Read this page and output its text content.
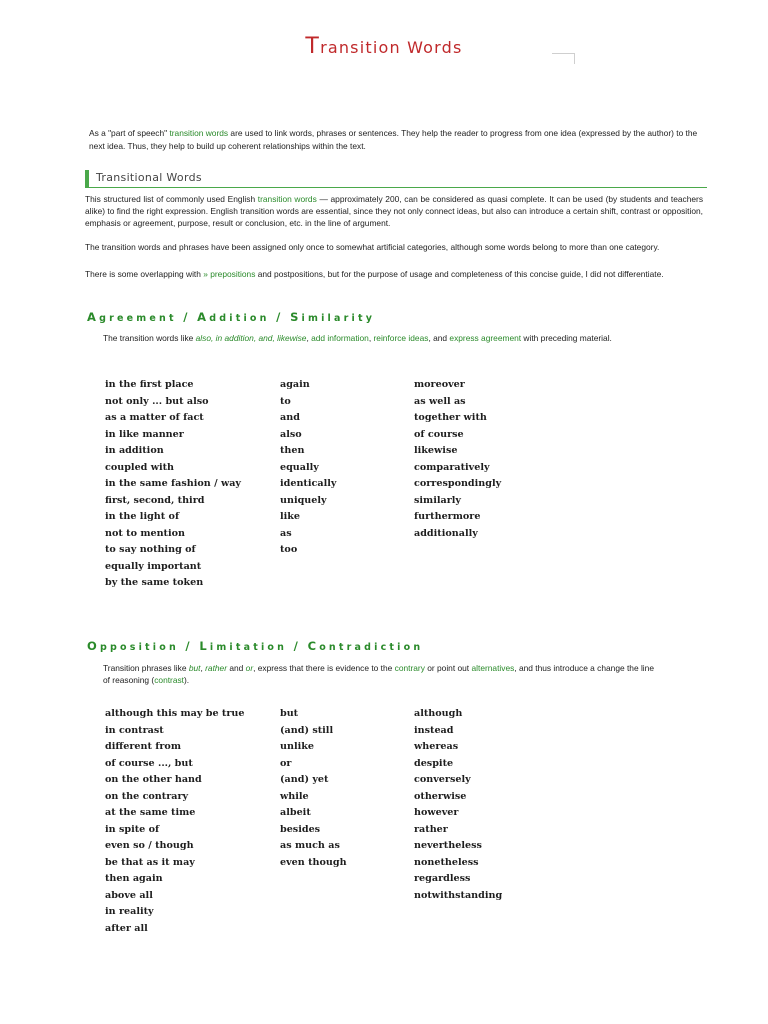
Transition Words

As a "part of speech" transition words are used to link words, phrases or sentences. They help the reader to progress from one idea (expressed by the author) to the next idea. Thus, they help to build up coherent relationships within the text.

Transitional Words

This structured list of commonly used English transition words — approximately 200, can be considered as quasi complete. It can be used (by students and teachers alike) to find the right expression. English transition words are essential, since they not only connect ideas, but also can introduce a certain shift, contrast or opposition, emphasis or agreement, purpose, result or conclusion, etc. in the line of argument.

The transition words and phrases have been assigned only once to somewhat artificial categories, although some words belong to more than one category.

There is some overlapping with » prepositions and postpositions, but for the purpose of usage and completeness of this concise guide, I did not differentiate.

Agreement / Addition / Similarity

The transition words like also, in addition, and, likewise, add information, reinforce ideas, and express agreement with preceding material.

in the first place
not only ... but also
as a matter of fact
in like manner
in addition
coupled with
in the same fashion / way
first, second, third
in the light of
not to mention
to say nothing of
equally important
by the same token
again
to
and
also
then
equally
identically
uniquely
like
as
too
moreover
as well as
together with
of course
likewise
comparatively
correspondingly
similarly
furthermore
additionally
Opposition / Limitation / Contradiction

Transition phrases like but, rather and or, express that there is evidence to the contrary or point out alternatives, and thus introduce a change the line of reasoning (contrast).

although this may be true
in contrast
different from
of course ..., but
on the other hand
on the contrary
at the same time
in spite of
even so / though
be that as it may
then again
above all
in reality
after all
but
(and) still
unlike
or
(and) yet
while
albeit
besides
as much as
even though
although
instead
whereas
despite
conversely
otherwise
however
rather
nevertheless
nonetheless
regardless
notwithstanding
